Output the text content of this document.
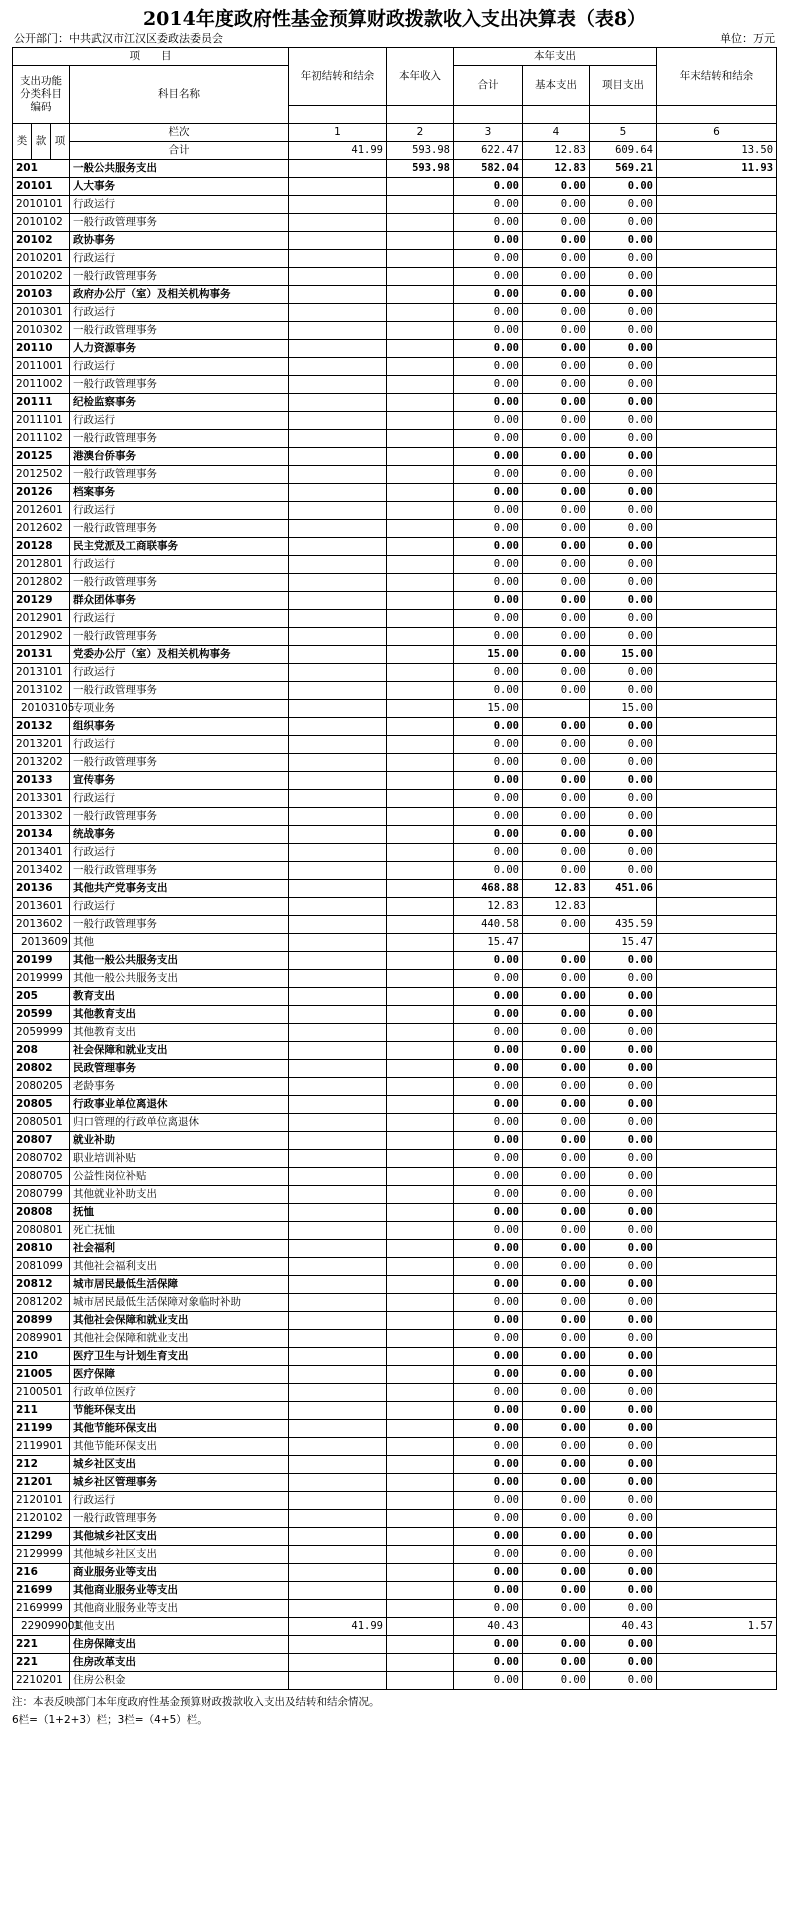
2014年度政府性基金预算财政拨款收入支出决算表（表8）
公开部门：中共武汉市江汉区委政法委员会	单位：万元
项　　目				年初结转和结余	本年收入	本年支出			年末结转和结余
支出功能分类科目编码			科目名称			合计	基本支出	项目支出	

类	款	项	栏次	1	2	3	4	5	6
			合计	41.99	593.98	622.47	12.83	609.64	13.50
201			一般公共服务支出		593.98	582.04	12.83	569.21	11.93
20101			人大事务			0.00	0.00	0.00	
2010101			行政运行			0.00	0.00	0.00	
2010102			一般行政管理事务			0.00	0.00	0.00	
20102			政协事务			0.00	0.00	0.00	
2010201			行政运行			0.00	0.00	0.00	
2010202			一般行政管理事务			0.00	0.00	0.00	
20103			政府办公厅（室）及相关机构事务			0.00	0.00	0.00	
2010301			行政运行			0.00	0.00	0.00	
2010302			一般行政管理事务			0.00	0.00	0.00	
20110			人力资源事务			0.00	0.00	0.00	
2011001			行政运行			0.00	0.00	0.00	
2011002			一般行政管理事务			0.00	0.00	0.00	
20111			纪检监察事务			0.00	0.00	0.00	
2011101			行政运行			0.00	0.00	0.00	
2011102			一般行政管理事务			0.00	0.00	0.00	
20125			港澳台侨事务			0.00	0.00	0.00	
2012502			一般行政管理事务			0.00	0.00	0.00	
20126			档案事务			0.00	0.00	0.00	
2012601			行政运行			0.00	0.00	0.00	
2012602			一般行政管理事务			0.00	0.00	0.00	
20128			民主党派及工商联事务			0.00	0.00	0.00	
2012801			行政运行			0.00	0.00	0.00	
2012802			一般行政管理事务			0.00	0.00	0.00	
20129			群众团体事务			0.00	0.00	0.00	
2012901			行政运行			0.00	0.00	0.00	
2012902			一般行政管理事务			0.00	0.00	0.00	
20131			党委办公厅（室）及相关机构事务			15.00	0.00	15.00	
2013101			行政运行			0.00	0.00	0.00	
2013102			一般行政管理事务			0.00	0.00	0.00	
20103105			专项业务			15.00		15.00	
20132			组织事务			0.00	0.00	0.00	
2013201			行政运行			0.00	0.00	0.00	
2013202			一般行政管理事务			0.00	0.00	0.00	
20133			宣传事务			0.00	0.00	0.00	
2013301			行政运行			0.00	0.00	0.00	
2013302			一般行政管理事务			0.00	0.00	0.00	
20134			统战事务			0.00	0.00	0.00	
2013401			行政运行			0.00	0.00	0.00	
2013402			一般行政管理事务			0.00	0.00	0.00	
20136			其他共产党事务支出			468.88	12.83	451.06	
2013601			行政运行			12.83	12.83		
2013602			一般行政管理事务			440.58	0.00	435.59	
2013609			其他			15.47		15.47	
20199			其他一般公共服务支出			0.00	0.00	0.00	
2019999			其他一般公共服务支出			0.00	0.00	0.00	
205			教育支出			0.00	0.00	0.00	
20599			其他教育支出			0.00	0.00	0.00	
2059999			其他教育支出			0.00	0.00	0.00	
208			社会保障和就业支出			0.00	0.00	0.00	
20802			民政管理事务			0.00	0.00	0.00	
2080205			老龄事务			0.00	0.00	0.00	
20805			行政事业单位离退休			0.00	0.00	0.00	
2080501			归口管理的行政单位离退休			0.00	0.00	0.00	
20807			就业补助			0.00	0.00	0.00	
2080702			职业培训补贴			0.00	0.00	0.00	
2080705			公益性岗位补贴			0.00	0.00	0.00	
2080799			其他就业补助支出			0.00	0.00	0.00	
20808			抚恤			0.00	0.00	0.00	
2080801			死亡抚恤			0.00	0.00	0.00	
20810			社会福利			0.00	0.00	0.00	
2081099			其他社会福利支出			0.00	0.00	0.00	
20812			城市居民最低生活保障			0.00	0.00	0.00	
2081202			城市居民最低生活保障对象临时补助			0.00	0.00	0.00	
20899			其他社会保障和就业支出			0.00	0.00	0.00	
2089901			其他社会保障和就业支出			0.00	0.00	0.00	
210			医疗卫生与计划生育支出			0.00	0.00	0.00	
21005			医疗保障			0.00	0.00	0.00	
2100501			行政单位医疗			0.00	0.00	0.00	
211			节能环保支出			0.00	0.00	0.00	
21199			其他节能环保支出			0.00	0.00	0.00	
2119901			其他节能环保支出			0.00	0.00	0.00	
212			城乡社区支出			0.00	0.00	0.00	
21201			城乡社区管理事务			0.00	0.00	0.00	
2120101			行政运行			0.00	0.00	0.00	
2120102			一般行政管理事务			0.00	0.00	0.00	
21299			其他城乡社区支出			0.00	0.00	0.00	
2129999			其他城乡社区支出			0.00	0.00	0.00	
216			商业服务业等支出			0.00	0.00	0.00	
21699			其他商业服务业等支出			0.00	0.00	0.00	
2169999			其他商业服务业等支出			0.00	0.00	0.00	
229099001			其他支出	41.99		40.43		40.43	1.57
221			住房保障支出			0.00	0.00	0.00	
221			住房改革支出			0.00	0.00	0.00	
2210201			住房公积金			0.00	0.00	0.00	
注：本表反映部门本年度政府性基金预算财政拨款收入支出及结转和结余情况。
6栏=（1+2+3）栏；3栏=（4+5）栏。
